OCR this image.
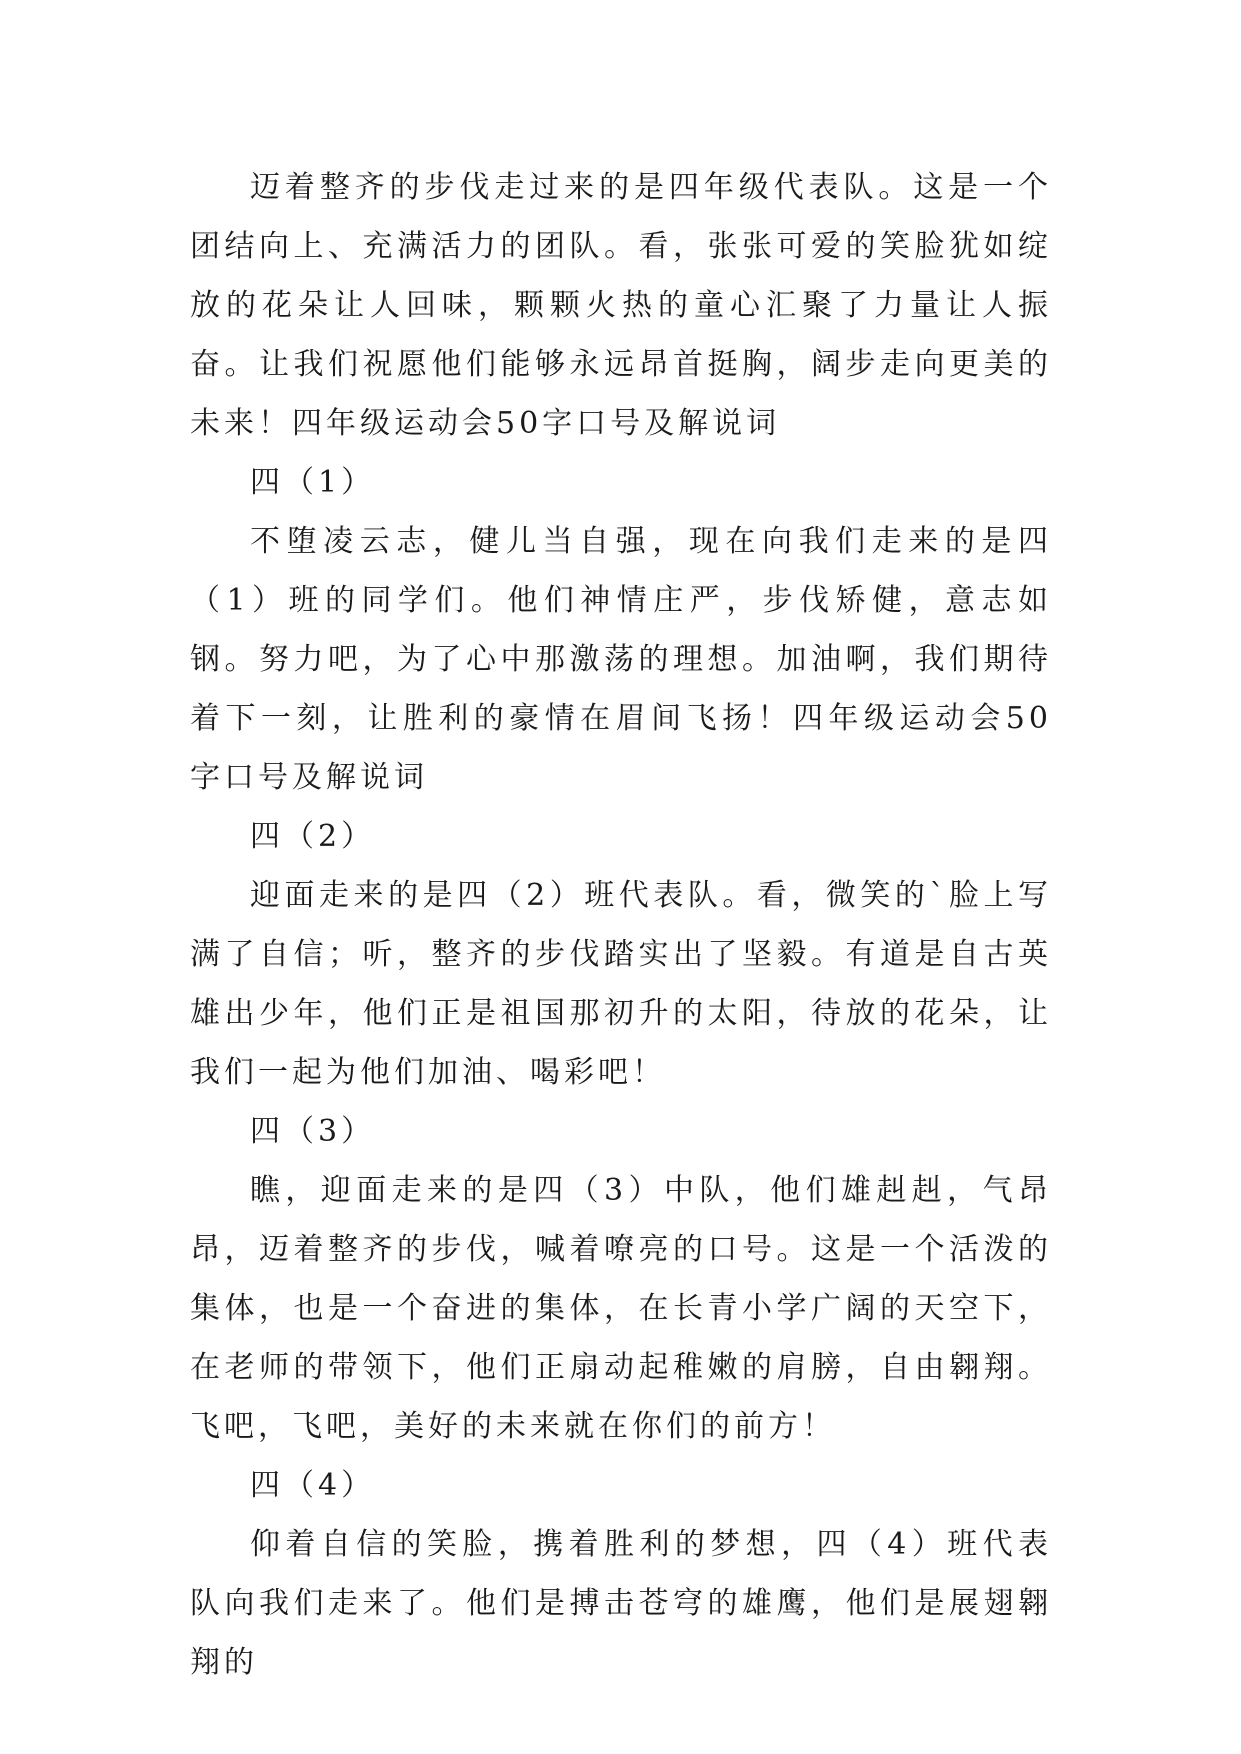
迈着整齐的步伐走过来的是四年级代表队。这是一个团结向上、充满活力的团队。看，张张可爱的笑脸犹如绽放的花朵让人回味，颗颗火热的童心汇聚了力量让人振奋。让我们祝愿他们能够永远昂首挺胸，阔步走向更美的未来！四年级运动会50字口号及解说词

四（1）

不堕凌云志，健儿当自强，现在向我们走来的是四（1）班的同学们。他们神情庄严，步伐矫健，意志如钢。努力吧，为了心中那激荡的理想。加油啊，我们期待着下一刻，让胜利的豪情在眉间飞扬！四年级运动会50字口号及解说词

四（2）

迎面走来的是四（2）班代表队。看，微笑的`脸上写满了自信；听，整齐的步伐踏实出了坚毅。有道是自古英雄出少年，他们正是祖国那初升的太阳，待放的花朵，让我们一起为他们加油、喝彩吧！

四（3）

瞧，迎面走来的是四（3）中队，他们雄赳赳，气昂昂，迈着整齐的步伐，喊着嘹亮的口号。这是一个活泼的集体，也是一个奋进的集体，在长青小学广阔的天空下，在老师的带领下，他们正扇动起稚嫩的肩膀，自由翱翔。飞吧，飞吧，美好的未来就在你们的前方！

四（4）

仰着自信的笑脸，携着胜利的梦想，四（4）班代表队向我们走来了。他们是搏击苍穹的雄鹰，他们是展翅翱翔的
